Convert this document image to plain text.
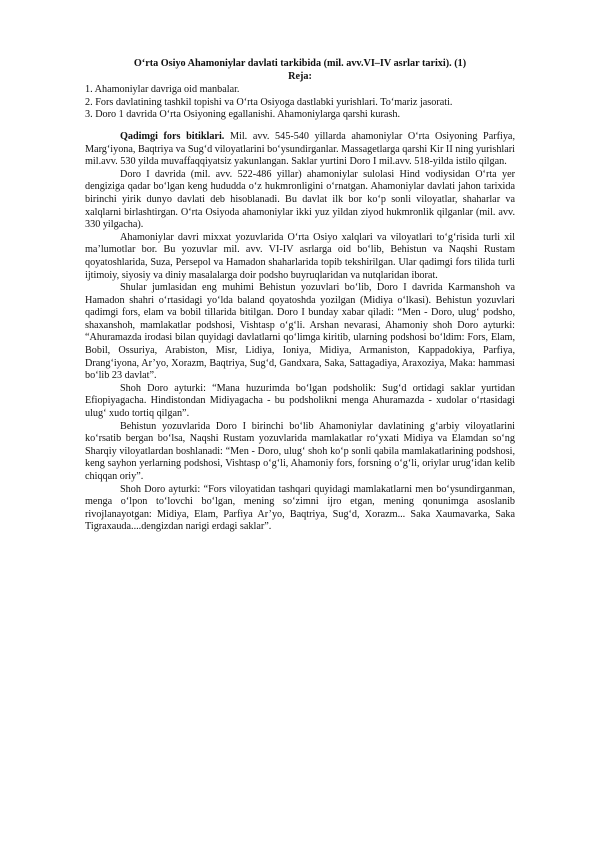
O‘rta Osiyo Ahamoniylar davlati tarkibida (mil. avv.VI–IV asrlar tarixi). (1)

Reja:

1. Ahamoniylar davriga oid manbalar.
2. Fors davlatining tashkil topishi va O‘rta Osiyoga dastlabki yurishlari. To‘mariz jasorati.
3. Doro 1 davrida O‘rta Osiyoning egallanishi. Ahamoniylarga qarshi kurash.

Qadimgi fors bitiklari. Mil. avv. 545-540 yillarda ahamoniylar O‘rta Osiyoning Parfiya, Marg‘iyona, Baqtriya va Sug‘d viloyatlarini bo‘ysundirganlar. Massagetlarga qarshi Kir II ning yurishlari mil.avv. 530 yilda muvaffaqqiyatsiz yakunlangan. Saklar yurtini Doro I mil.avv. 518-yilda istilo qilgan.

Doro I davrida (mil. avv. 522-486 yillar) ahamoniylar sulolasi Hind vodiysidan O‘rta yer dengiziga qadar bo‘lgan keng hududda o‘z hukmronligini o‘rnatgan. Ahamoniylar davlati jahon tarixida birinchi yirik dunyo davlati deb hisoblanadi. Bu davlat ilk bor ko‘p sonli viloyatlar, shaharlar va xalqlarni birlashtirgan. O‘rta Osiyoda ahamoniylar ikki yuz yildan ziyod hukmronlik qilganlar (mil. avv. 330 yilgacha).

Ahamoniylar davri mixxat yozuvlarida O‘rta Osiyo xalqlari va viloyatlari to‘g‘risida turli xil ma’lumotlar bor. Bu yozuvlar mil. avv. VI-IV asrlarga oid bo‘lib, Behistun va Naqshi Rustam qoyatoshlarida, Suza, Persepol va Hamadon shaharlarida topib tekshirilgan. Ular qadimgi fors tilida turli ijtimoiy, siyosiy va diniy masalalarga doir podsho buyruqlaridan va nutqlaridan iborat.

Shular jumlasidan eng muhimi Behistun yozuvlari bo‘lib, Doro I davrida Karmanshoh va Hamadon shahri o‘rtasidagi yo‘lda baland qoyatoshda yozilgan (Midiya o‘lkasi). Behistun yozuvlari qadimgi fors, elam va bobil tillarida bitilgan. Doro I bunday xabar qiladi: “Men - Doro, ulug‘ podsho, shaxanshoh, mamlakatlar podshosi, Vishtasp o‘g‘li. Arshan nevarasi, Ahamoniy shoh Doro ayturki: “Ahuramazda irodasi bilan quyidagi davlatlarni qo‘limga kiritib, ularning podshosi bo‘ldim: Fors, Elam, Bobil, Ossuriya, Arabiston, Misr, Lidiya, Ioniya, Midiya, Armaniston, Kappadokiya, Parfiya, Drang‘iyona, Ar’yo, Xorazm, Baqtriya, Sug‘d, Gandxara, Saka, Sattagadiya, Araxoziya, Maka: hammasi bo‘lib 23 davlat”.

Shoh Doro ayturki: “Mana huzurimda bo‘lgan podsholik: Sug‘d ortidagi saklar yurtidan Efiopiyagacha. Hindistondan Midiyagacha - bu podsholikni menga Ahuramazda - xudolar o‘rtasidagi ulug‘ xudo tortiq qilgan”.

Behistun yozuvlarida Doro I birinchi bo‘lib Ahamoniylar davlatining g‘arbiy viloyatlarini ko‘rsatib bergan bo‘lsa, Naqshi Rustam yozuvlarida mamlakatlar ro‘yxati Midiya va Elamdan so‘ng Sharqiy viloyatlardan boshlanadi: “Men - Doro, ulug‘ shoh ko‘p sonli qabila mamlakatlarining podshosi, keng sayhon yerlarning podshosi, Vishtasp o‘g‘li, Ahamoniy fors, forsning o‘g‘li, oriylar urug‘idan kelib chiqqan oriy”.

Shoh Doro ayturki: “Fors viloyatidan tashqari quyidagi mamlakatlarni men bo‘ysundirganman, menga o‘lpon to‘lovchi bo‘lgan, mening so‘zimni ijro etgan, mening qonunimga asoslanib rivojlanayotgan: Midiya, Elam, Parfiya Ar’yo, Baqtriya, Sug‘d, Xorazm... Saka Xaumavarka, Saka Tigraxauda....dengizdan narigi erdagi saklar”.
